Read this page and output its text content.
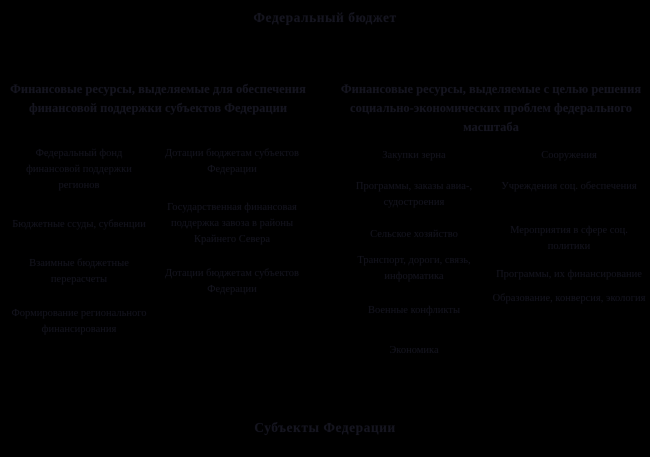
Федеральный бюджет
Финансовые ресурсы, выделяемые для обеспечения финансовой поддержки субъектов Федерации
Финансовые ресурсы, выделяемые с целью решения социально-экономических проблем федерального масштаба
Федеральный фонд финансовой поддержки регионов
Бюджетные ссуды, субвенции
Взаимные бюджетные перерасчеты
Формирование регионального финансирования
Дотации бюджетам субъектов Федерации
Государственная финансовая поддержка завоза в районы Крайнего Севера
Дотации бюджетам субъектов Федерации
Закупки зерна
Программы, заказы авиа-, судостроения
Сельское хозяйство
Транспорт, дороги, связь, информатика
Военные конфликты
Экономика
Сооружения
Учреждения соц. обеспечения
Мероприятия в сфере соц. политики
Программы, их финансирование
Образование, конверсия, экология
Субъекты Федерации
